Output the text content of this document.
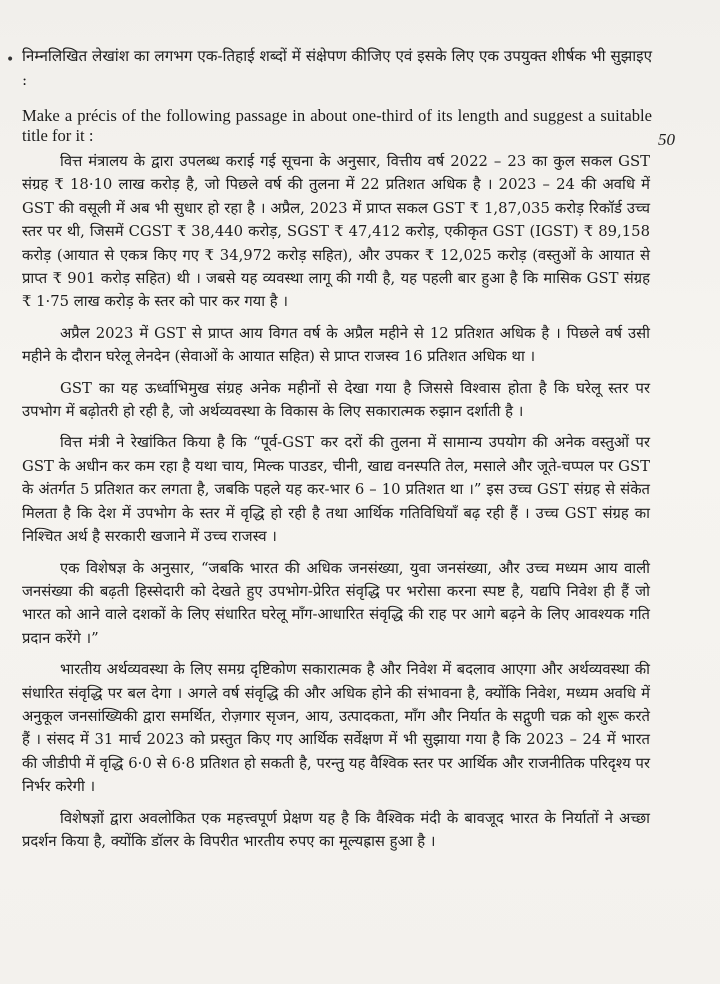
• निम्नलिखित लेखांश का लगभग एक-तिहाई शब्दों में संक्षेपण कीजिए एवं इसके लिए एक उपयुक्त शीर्षक भी सुझाइए :
Make a précis of the following passage in about one-third of its length and suggest a suitable title for it :	50

वित्त मंत्रालय के द्वारा उपलब्ध कराई गई सूचना के अनुसार, वित्तीय वर्ष 2022 – 23 का कुल सकल GST संग्रह ₹ 18·10 लाख करोड़ है, जो पिछले वर्ष की तुलना में 22 प्रतिशत अधिक है । 2023 – 24 की अवधि में GST की वसूली में अब भी सुधार हो रहा है । अप्रैल, 2023 में प्राप्त सकल GST ₹ 1,87,035 करोड़ रिकॉर्ड उच्च स्तर पर थी, जिसमें CGST ₹ 38,440 करोड़, SGST ₹ 47,412 करोड़, एकीकृत GST (IGST) ₹ 89,158 करोड़ (आयात से एकत्र किए गए ₹ 34,972 करोड़ सहित), और उपकर ₹ 12,025 करोड़ (वस्तुओं के आयात से प्राप्त ₹ 901 करोड़ सहित) थी । जबसे यह व्यवस्था लागू की गयी है, यह पहली बार हुआ है कि मासिक GST संग्रह ₹ 1·75 लाख करोड़ के स्तर को पार कर गया है ।

अप्रैल 2023 में GST से प्राप्त आय विगत वर्ष के अप्रैल महीने से 12 प्रतिशत अधिक है । पिछले वर्ष उसी महीने के दौरान घरेलू लेनदेन (सेवाओं के आयात सहित) से प्राप्त राजस्व 16 प्रतिशत अधिक था ।

GST का यह ऊर्ध्वाभिमुख संग्रह अनेक महीनों से देखा गया है जिससे विश्वास होता है कि घरेलू स्तर पर उपभोग में बढ़ोतरी हो रही है, जो अर्थव्यवस्था के विकास के लिए सकारात्मक रुझान दर्शाती है ।

वित्त मंत्री ने रेखांकित किया है कि “पूर्व-GST कर दरों की तुलना में सामान्य उपयोग की अनेक वस्तुओं पर GST के अधीन कर कम रहा है यथा चाय, मिल्क पाउडर, चीनी, खाद्य वनस्पति तेल, मसाले और जूते-चप्पल पर GST के अंतर्गत 5 प्रतिशत कर लगता है, जबकि पहले यह कर-भार 6 – 10 प्रतिशत था ।” इस उच्च GST संग्रह से संकेत मिलता है कि देश में उपभोग के स्तर में वृद्धि हो रही है तथा आर्थिक गतिविधियाँ बढ़ रही हैं । उच्च GST संग्रह का निश्चित अर्थ है सरकारी खजाने में उच्च राजस्व ।

एक विशेषज्ञ के अनुसार, “जबकि भारत की अधिक जनसंख्या, युवा जनसंख्या, और उच्च मध्यम आय वाली जनसंख्या की बढ़ती हिस्सेदारी को देखते हुए उपभोग-प्रेरित संवृद्धि पर भरोसा करना स्पष्ट है, यद्यपि निवेश ही हैं जो भारत को आने वाले दशकों के लिए संधारित घरेलू माँग-आधारित संवृद्धि की राह पर आगे बढ़ने के लिए आवश्यक गति प्रदान करेंगे ।”

भारतीय अर्थव्यवस्था के लिए समग्र दृष्टिकोण सकारात्मक है और निवेश में बदलाव आएगा और अर्थव्यवस्था की संधारित संवृद्धि पर बल देगा । अगले वर्ष संवृद्धि की और अधिक होने की संभावना है, क्योंकि निवेश, मध्यम अवधि में अनुकूल जनसांख्यिकी द्वारा समर्थित, रोज़गार सृजन, आय, उत्पादकता, माँग और निर्यात के सद्गुणी चक्र को शुरू करते हैं । संसद में 31 मार्च 2023 को प्रस्तुत किए गए आर्थिक सर्वेक्षण में भी सुझाया गया है कि 2023 – 24 में भारत की जीडीपी में वृद्धि 6·0 से 6·8 प्रतिशत हो सकती है, परन्तु यह वैश्विक स्तर पर आर्थिक और राजनीतिक परिदृश्य पर निर्भर करेगी ।

विशेषज्ञों द्वारा अवलोकित एक महत्त्वपूर्ण प्रेक्षण यह है कि वैश्विक मंदी के बावजूद भारत के निर्यातों ने अच्छा प्रदर्शन किया है, क्योंकि डॉलर के विपरीत भारतीय रुपए का मूल्यह्रास हुआ है ।
